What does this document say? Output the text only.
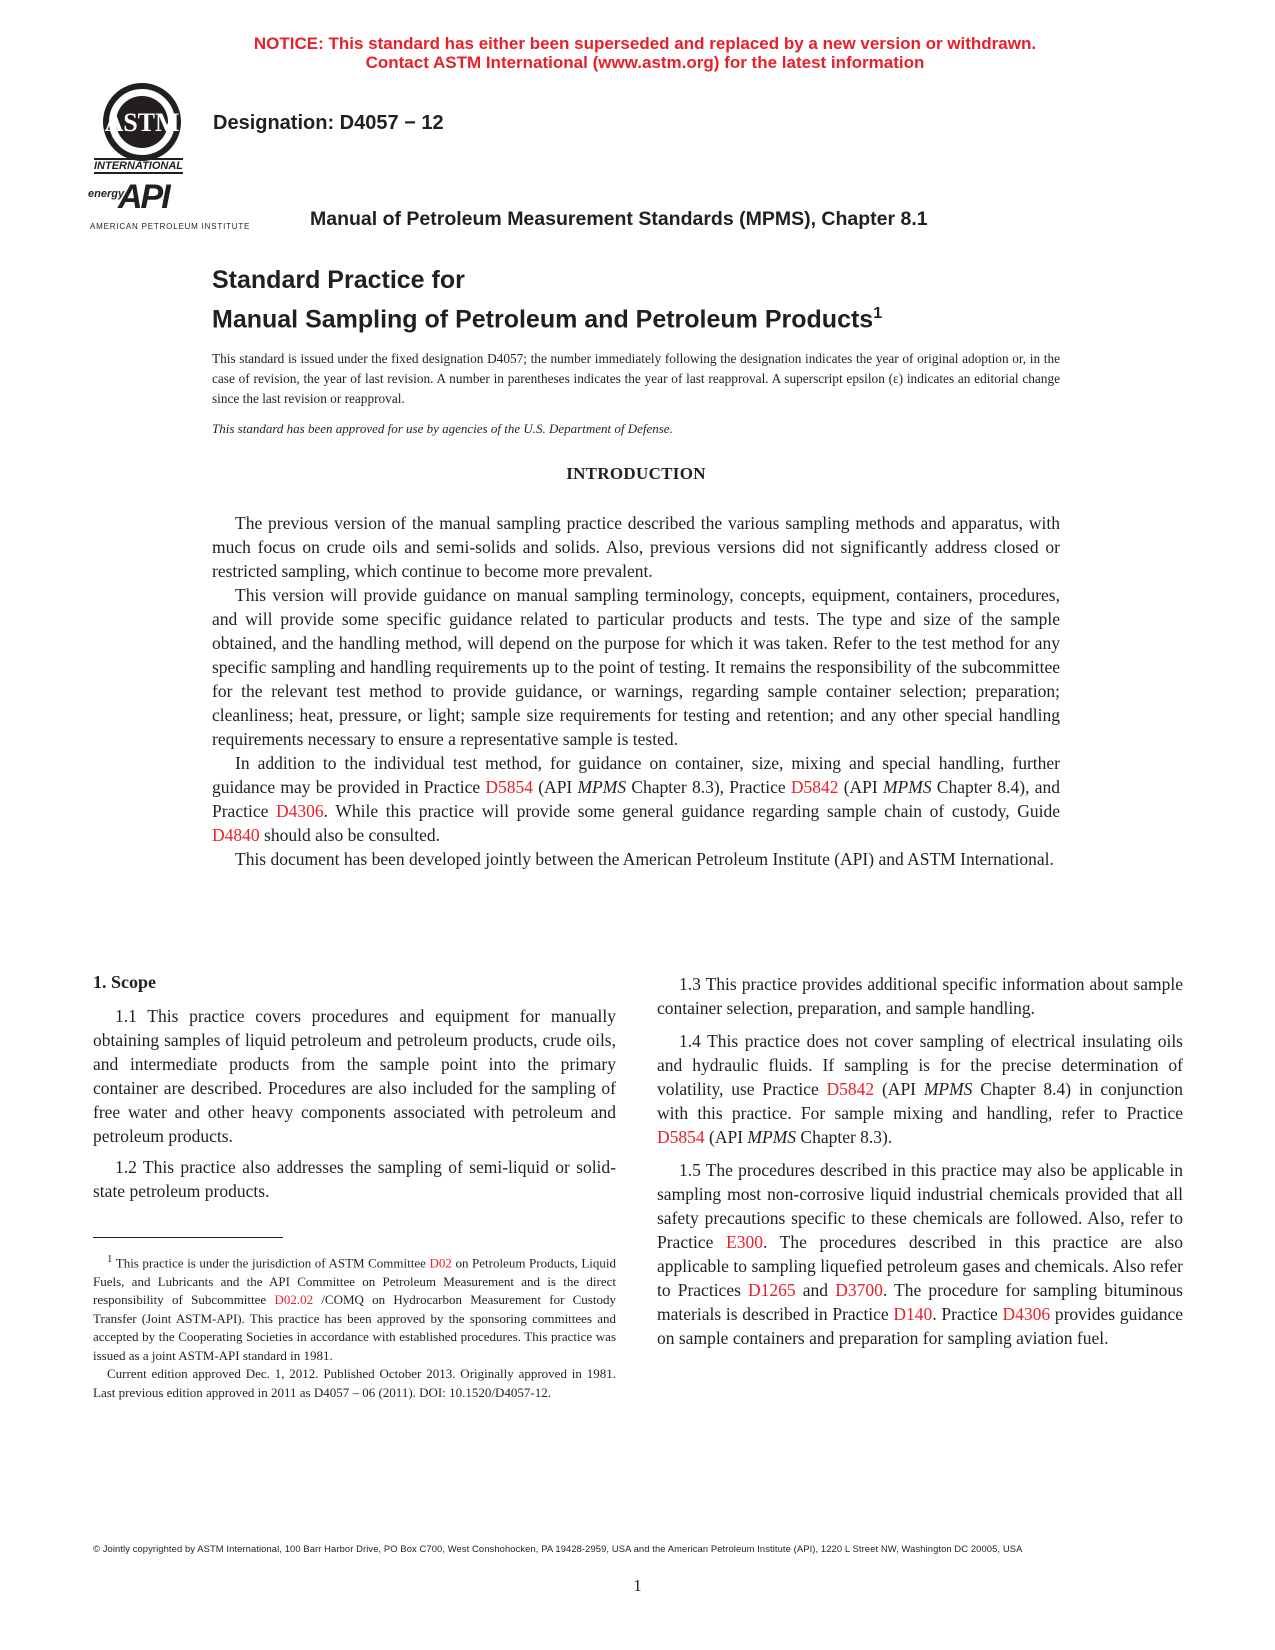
NOTICE: This standard has either been superseded and replaced by a new version or withdrawn.
Contact ASTM International (www.astm.org) for the latest information
ASTM
INTERNATIONAL
energy
API
AMERICAN PETROLEUM INSTITUTE
Designation: D4057 − 12
Manual of Petroleum Measurement Standards (MPMS), Chapter 8.1
Standard Practice for
Manual Sampling of Petroleum and Petroleum Products$^1$
This standard is issued under the fixed designation D4057; the number immediately following the designation indicates the year of original adoption or, in the case of revision, the year of last revision. A number in parentheses indicates the year of last reapproval. A superscript epsilon (ε) indicates an editorial change since the last revision or reapproval.
This standard has been approved for use by agencies of the U.S. Department of Defense.
INTRODUCTION

The previous version of the manual sampling practice described the various sampling methods and apparatus, with much focus on crude oils and semi-solids and solids. Also, previous versions did not significantly address closed or restricted sampling, which continue to become more prevalent.

This version will provide guidance on manual sampling terminology, concepts, equipment, containers, procedures, and will provide some specific guidance related to particular products and tests. The type and size of the sample obtained, and the handling method, will depend on the purpose for which it was taken. Refer to the test method for any specific sampling and handling requirements up to the point of testing. It remains the responsibility of the subcommittee for the relevant test method to provide guidance, or warnings, regarding sample container selection; preparation; cleanliness; heat, pressure, or light; sample size requirements for testing and retention; and any other special handling requirements necessary to ensure a representative sample is tested.

In addition to the individual test method, for guidance on container, size, mixing and special handling, further guidance may be provided in Practice D5854 (API MPMS Chapter 8.3), Practice D5842 (API MPMS Chapter 8.4), and Practice D4306. While this practice will provide some general guidance regarding sample chain of custody, Guide D4840 should also be consulted.

This document has been developed jointly between the American Petroleum Institute (API) and ASTM International.

1. Scope

1.1 This practice covers procedures and equipment for manually obtaining samples of liquid petroleum and petroleum products, crude oils, and intermediate products from the sample point into the primary container are described. Procedures are also included for the sampling of free water and other heavy components associated with petroleum and petroleum products.

1.2 This practice also addresses the sampling of semi-liquid or solid-state petroleum products.

$^1$ This practice is under the jurisdiction of ASTM Committee D02 on Petroleum Products, Liquid Fuels, and Lubricants and the API Committee on Petroleum Measurement and is the direct responsibility of Subcommittee D02.02 /COMQ on Hydrocarbon Measurement for Custody Transfer (Joint ASTM-API). This practice has been approved by the sponsoring committees and accepted by the Cooperating Societies in accordance with established procedures. This practice was issued as a joint ASTM-API standard in 1981.

Current edition approved Dec. 1, 2012. Published October 2013. Originally approved in 1981. Last previous edition approved in 2011 as D4057 – 06 (2011). DOI: 10.1520/D4057-12.

1.3 This practice provides additional specific information about sample container selection, preparation, and sample handling.

1.4 This practice does not cover sampling of electrical insulating oils and hydraulic fluids. If sampling is for the precise determination of volatility, use Practice D5842 (API MPMS Chapter 8.4) in conjunction with this practice. For sample mixing and handling, refer to Practice D5854 (API MPMS Chapter 8.3).

1.5 The procedures described in this practice may also be applicable in sampling most non-corrosive liquid industrial chemicals provided that all safety precautions specific to these chemicals are followed. Also, refer to Practice E300. The procedures described in this practice are also applicable to sampling liquefied petroleum gases and chemicals. Also refer to Practices D1265 and D3700. The procedure for sampling bituminous materials is described in Practice D140. Practice D4306 provides guidance on sample containers and preparation for sampling aviation fuel.

© Jointly copyrighted by ASTM International, 100 Barr Harbor Drive, PO Box C700, West Conshohocken, PA 19428-2959, USA and the American Petroleum Institute (API), 1220 L Street NW, Washington DC 20005, USA
1
